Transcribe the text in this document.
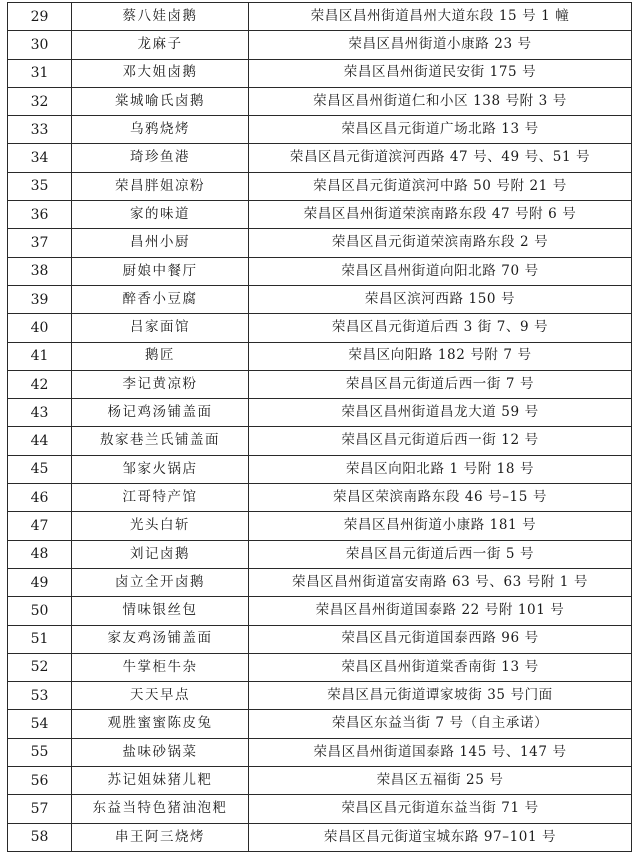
29	蔡八娃卤鹅	荣昌区昌州街道昌州大道东段 15 号 1 幢
30	龙麻子	荣昌区昌州街道小康路 23 号
31	邓大姐卤鹅	荣昌区昌州街道民安街 175 号
32	棠城喻氏卤鹅	荣昌区昌州街道仁和小区 138 号附 3 号
33	乌鸦烧烤	荣昌区昌元街道广场北路 13 号
34	琦珍鱼港	荣昌区昌元街道滨河西路 47 号、49 号、51 号
35	荣昌胖姐凉粉	荣昌区昌元街道滨河中路 50 号附 21 号
36	家的味道	荣昌区昌州街道荣滨南路东段 47 号附 6 号
37	昌州小厨	荣昌区昌元街道荣滨南路东段 2 号
38	厨娘中餐厅	荣昌区昌州街道向阳北路 70 号
39	醉香小豆腐	荣昌区滨河西路 150 号
40	吕家面馆	荣昌区昌元街道后西 3 街 7、9 号
41	鹅匠	荣昌区向阳路 182 号附 7 号
42	李记黄凉粉	荣昌区昌元街道后西一街 7 号
43	杨记鸡汤铺盖面	荣昌区昌州街道昌龙大道 59 号
44	敖家巷兰氏铺盖面	荣昌区昌元街道后西一街 12 号
45	邹家火锅店	荣昌区向阳北路 1 号附 18 号
46	江哥特产馆	荣昌区荣滨南路东段 46 号–15 号
47	光头白斩	荣昌区昌州街道小康路 181 号
48	刘记卤鹅	荣昌区昌元街道后西一街 5 号
49	卤立全开卤鹅	荣昌区昌州街道富安南路 63 号、63 号附 1 号
50	情味银丝包	荣昌区昌州街道国泰路 22 号附 101 号
51	家友鸡汤铺盖面	荣昌区昌元街道国泰西路 96 号
52	牛掌柜牛杂	荣昌区昌州街道棠香南街 13 号
53	天天早点	荣昌区昌元街道谭家坡街 35 号门面
54	观胜蜜蜜陈皮兔	荣昌区东益当街 7 号（自主承诺）
55	盐味砂锅菜	荣昌区昌州街道国泰路 145 号、147 号
56	苏记姐妹猪儿粑	荣昌区五福街 25 号
57	东益当特色猪油泡粑	荣昌区昌元街道东益当街 71 号
58	串王阿三烧烤	荣昌区昌元街道宝城东路 97–101 号
